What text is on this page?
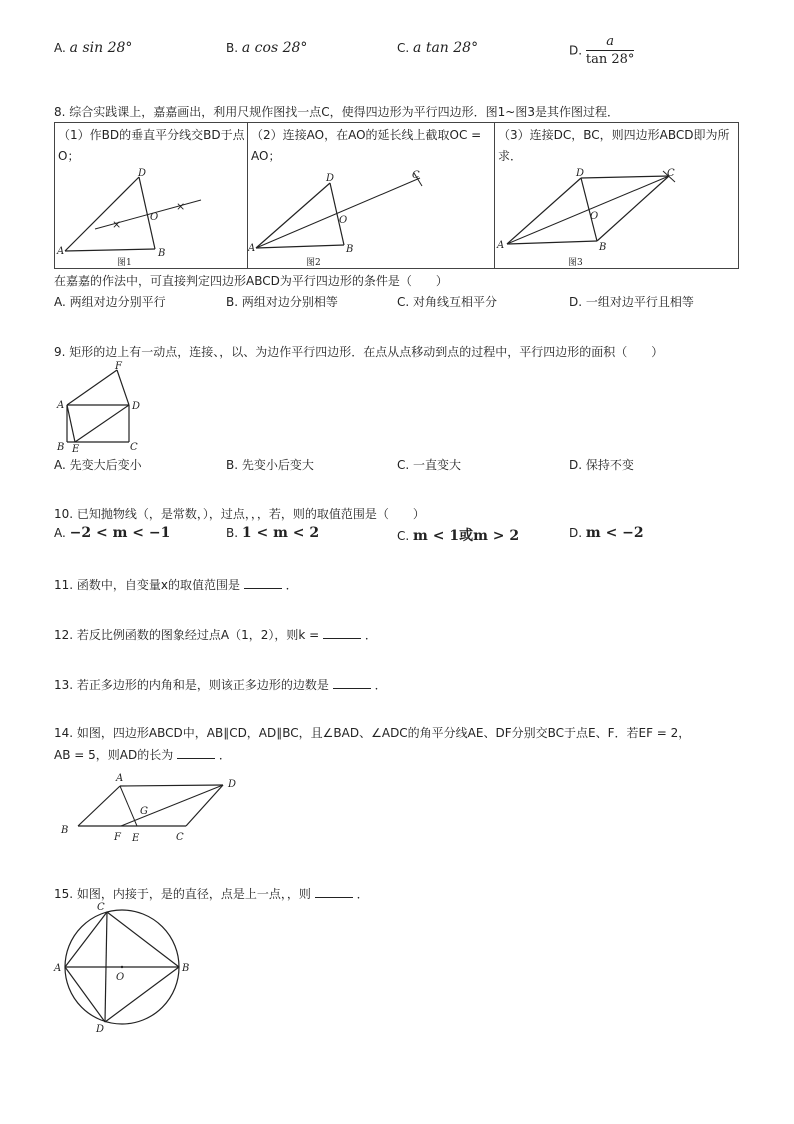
A. a sin 28°	B. a cos 28°	C. a tan 28°	D. $\frac{a}{\tan 28^\circ}$
8. 综合实践课上，嘉嘉画出，利用尺规作图找一点C，使得四边形为平行四边形．图1~图3是其作图过程．
（1）作BD的垂直平分线交BD于点O；
×
×
D
O
A	B
图1

（2）连接AO，在AO的延长线上截取OC = AO；
D
O
A	B
C
图2

（3）连接DC，BC，则四边形ABCD即为所求．
D
O
A	B
C
图3
在嘉嘉的作法中，可直接判定四边形ABCD为平行四边形的条件是（　　）
A. 两组对边分别平行	B. 两组对边分别相等	C. 对角线互相平分	D. 一组对边平行且相等
9. 矩形的边上有一动点，连接、，以、为边作平行四边形．在点从点移动到点的过程中，平行四边形的面积（　　）
F
A	D
B E	C
A. 先变大后变小	B. 先变小后变大	C. 一直变大	D. 保持不变
10. 已知抛物线（，是常数，），过点，，，若，则的取值范围是（　　）
A. −2 < m < −1	B. 1 < m < 2	C. m < 1或m > 2	D. m < −2
11. 函数中，自变量x的取值范围是	．
12. 若反比例函数的图象经过点A（1，2），则k =	．
13. 若正多边形的内角和是，则该正多边形的边数是	．
14. 如图，四边形ABCD中，AB∥CD，AD∥BC，且∠BAD、∠ADC的角平分线AE、DF分别交BC于点E、F．若EF = 2，
AB = 5，则AD的长为	．
A
D
B
F E	C
G
15. 如图，内接于，是的直径，点是上一点，，则	．
C
A	B
O
D
